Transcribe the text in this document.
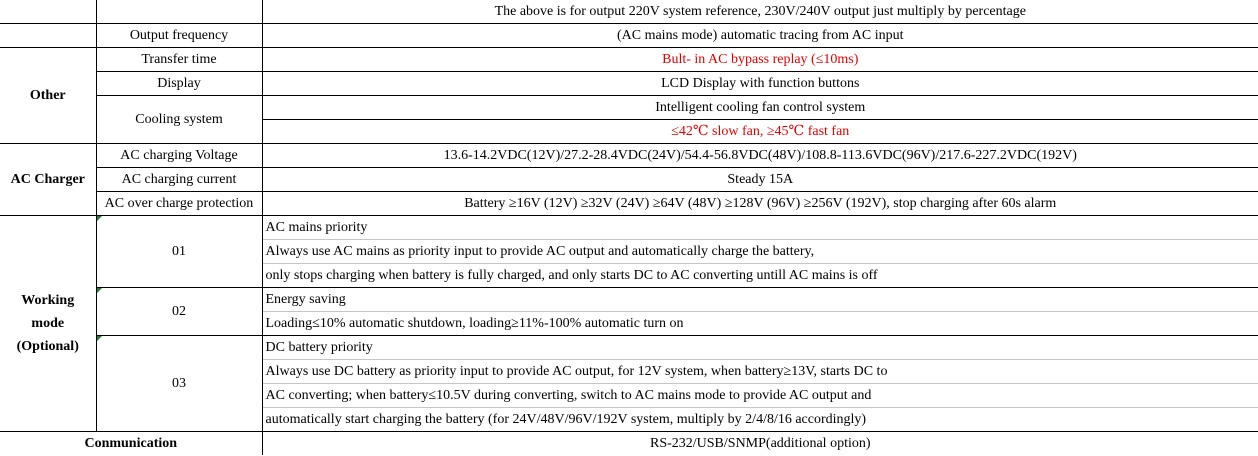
		The above is for output 220V system reference, 230V/240V output just multiply by percentage
	Output frequency	(AC mains mode) automatic tracing from AC input
Other	Transfer time	Bult- in AC bypass replay (≤10ms)
	Display	LCD Display with function buttons
	Cooling system	Intelligent cooling fan control system
		≤42℃ slow fan, ≥45℃ fast fan
AC Charger	AC charging Voltage	13.6-14.2VDC(12V)/27.2-28.4VDC(24V)/54.4-56.8VDC(48V)/108.8-113.6VDC(96V)/217.6-227.2VDC(192V)
	AC charging current	Steady 15A
	AC over charge protection	Battery ≥16V (12V) ≥32V (24V) ≥64V (48V) ≥128V (96V) ≥256V (192V), stop charging after 60s alarm

Working
mode
(Optional)	01	AC mains priority
		Always use AC mains as priority input to provide AC output and automatically charge the battery,
		only stops charging when battery is fully charged, and only starts DC to AC converting untill AC mains is off
	02	Energy saving
		Loading≤10% automatic shutdown, loading≥11%-100% automatic turn on
	03	DC battery priority
		Always use DC battery as priority input to provide AC output, for 12V system, when battery≥13V, starts DC to
		AC converting; when battery≤10.5V during converting, switch to AC mains mode to provide AC output and
		automatically start charging the battery (for 24V/48V/96V/192V system, multiply by 2/4/8/16 accordingly)
Conmunication		RS-232/USB/SNMP(additional option)
